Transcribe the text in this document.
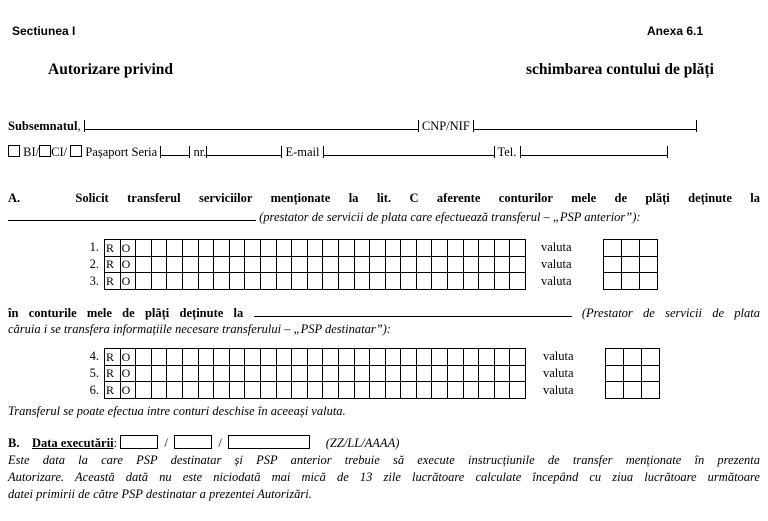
Sectiunea I	Anexa 6.1
Autorizare privind	schimbarea contului de plăți
Subsemnatul,	CNP/NIF
BI/ CI/ Pașaport Seria	nr.	E-mail	Tel.
A.	Solicit transferul serviciilor menționate la lit. C aferente conturilor mele de plăți deținute la
(prestator de servicii de plata care efectuează transferul – „PSP anterior”):
1. R O	valuta
2. R O	valuta
3. R O	valuta
în conturile mele de plăți deținute la	(Prestator de servicii de plata
căruia i se transfera informațiile necesare transferului – „PSP destinatar”):
4. R O	valuta
5. R O	valuta
6. R O	valuta
Transferul se poate efectua intre conturi deschise în aceeași valuta.
B. Data executării:	/	/	(ZZ/LL/AAAA)
Este data la care PSP destinatar și PSP anterior trebuie să execute instrucțiunile de transfer menționate în prezenta
Autorizare. Această dată nu este niciodată mai mică de 13 zile lucrătoare calculate începând cu ziua lucrătoare următoare
datei primirii de către PSP destinatar a prezentei Autorizări.
